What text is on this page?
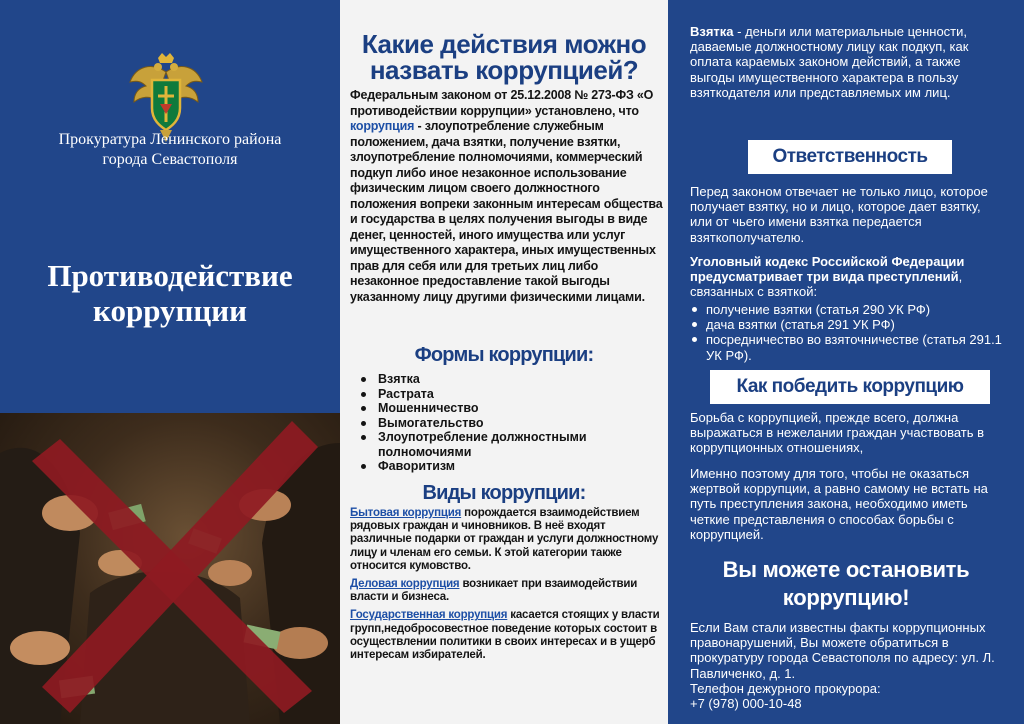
Прокуратура Ленинского района
города Севастополя
Противодействие
коррупции
Какие действия можно
назвать коррупцией?
Федеральным законом от 25.12.2008 № 273-ФЗ «О противодействии коррупции» установлено, что коррупция - злоупотребление служебным положением, дача взятки, получение взятки, злоупотребление полномочиями, коммерческий подкуп либо иное незаконное использование физическим лицом своего должностного положения вопреки законным интересам общества и государства в целях получения выгоды в виде денег, ценностей, иного имущества или услуг имущественного характера, иных имущественных прав для себя или для третьих лиц либо незаконное предоставление такой выгоды указанному лицу другими физическими лицами.
Формы коррупции:
Взятка
Растрата
Мошенничество
Вымогательство
Злоупотребление должностными полномочиями
Фаворитизм
Виды коррупции:

Бытовая коррупция порождается взаимодействием рядовых граждан и чиновников. В неё входят различные подарки от граждан и услуги должностному лицу и членам его семьи. К этой категории также относится кумовство.

Деловая коррупция возникает при взаимодействии власти и бизнеса.

Государственная коррупция касается стоящих у власти групп,недобросовестное поведение которых состоит в осуществлении политики в своих интересах и в ущерб интересам избирателей.

Взятка - деньги или материальные ценности, даваемые должностному лицу как подкуп, как оплата караемых законом действий, а также выгоды имущественного характера в пользу взяткодателя или представляемых им лиц.
Ответственность
Перед законом отвечает не только лицо, которое получает взятку, но и лицо, которое дает взятку, или от чьего имени взятка передается взяткополучателю.
Уголовный кодекс Российской Федерации предусматривает три вида преступлений, связанных с взяткой:
получение взятки (статья 290 УК РФ)
дача взятки (статья 291 УК РФ)
посредничество во взяточничестве (статья 291.1 УК РФ).
Как победить коррупцию
Борьба с коррупцией, прежде всего, должна выражаться в нежелании граждан участвовать в коррупционных отношениях,
Именно поэтому для того, чтобы не оказаться жертвой коррупции, а равно самому не встать на путь преступления закона, необходимо иметь четкие представления о способах борьбы с коррупцией.
Вы можете остановить
коррупцию!
Если Вам стали известны факты коррупционных правонарушений, Вы можете обратиться в прокуратуру города Севастополя по адресу: ул. Л. Павличенко, д. 1.
Телефон дежурного прокурора:
+7 (978) 000-10-48
